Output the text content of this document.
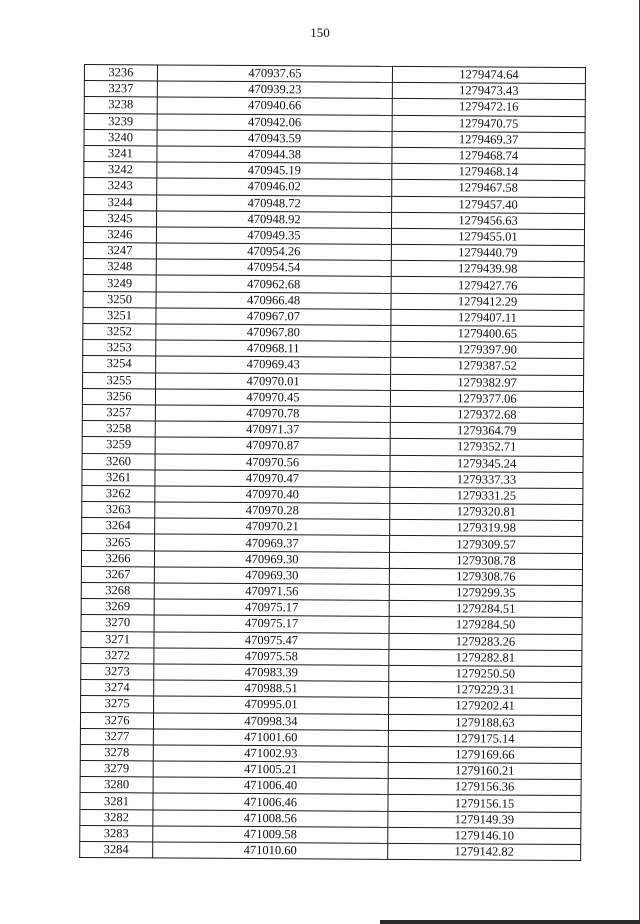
150
3236	470937.65	1279474.64
3237	470939.23	1279473.43
3238	470940.66	1279472.16
3239	470942.06	1279470.75
3240	470943.59	1279469.37
3241	470944.38	1279468.74
3242	470945.19	1279468.14
3243	470946.02	1279467.58
3244	470948.72	1279457.40
3245	470948.92	1279456.63
3246	470949.35	1279455.01
3247	470954.26	1279440.79
3248	470954.54	1279439.98
3249	470962.68	1279427.76
3250	470966.48	1279412.29
3251	470967.07	1279407.11
3252	470967.80	1279400.65
3253	470968.11	1279397.90
3254	470969.43	1279387.52
3255	470970.01	1279382.97
3256	470970.45	1279377.06
3257	470970.78	1279372.68
3258	470971.37	1279364.79
3259	470970.87	1279352.71
3260	470970.56	1279345.24
3261	470970.47	1279337.33
3262	470970.40	1279331.25
3263	470970.28	1279320.81
3264	470970.21	1279319.98
3265	470969.37	1279309.57
3266	470969.30	1279308.78
3267	470969.30	1279308.76
3268	470971.56	1279299.35
3269	470975.17	1279284.51
3270	470975.17	1279284.50
3271	470975.47	1279283.26
3272	470975.58	1279282.81
3273	470983.39	1279250.50
3274	470988.51	1279229.31
3275	470995.01	1279202.41
3276	470998.34	1279188.63
3277	471001.60	1279175.14
3278	471002.93	1279169.66
3279	471005.21	1279160.21
3280	471006.40	1279156.36
3281	471006.46	1279156.15
3282	471008.56	1279149.39
3283	471009.58	1279146.10
3284	471010.60	1279142.82
